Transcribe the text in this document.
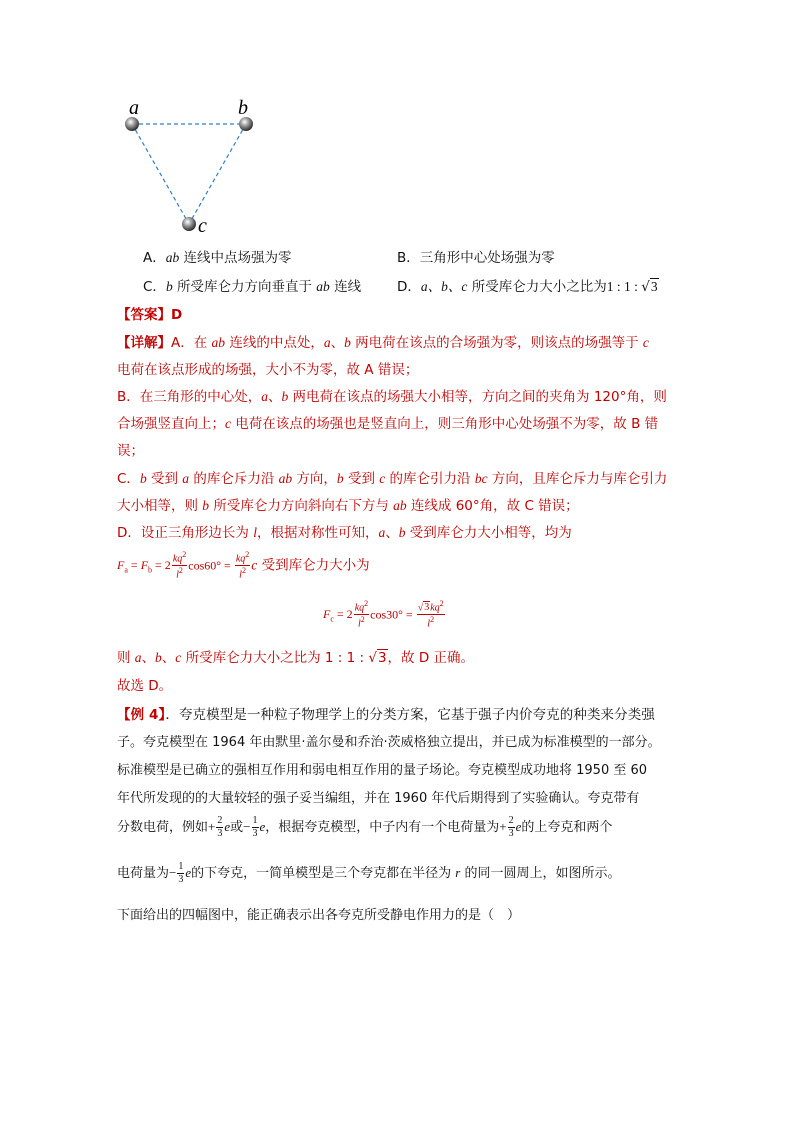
a	b
c
A．ab 连线中点场强为零	B．三角形中心处场强为零
C．b 所受库仑力方向垂直于 ab 连线	D．a、b、c 所受库仑力大小之比为1 : 1 : √3
【答案】D
【详解】A．在 ab 连线的中点处，a、b 两电荷在该点的合场强为零，则该点的场强等于 c
电荷在该点形成的场强，大小不为零，故 A 错误；
B．在三角形的中心处，a、b 两电荷在该点的场强大小相等，方向之间的夹角为 120°角，则
合场强竖直向上；c 电荷在该点的场强也是竖直向上，则三角形中心处场强不为零，故 B 错
误；
C．b 受到 a 的库仑斥力沿 ab 方向，b 受到 c 的库仑引力沿 bc 方向，且库仑斥力与库仑引力
大小相等，则 b 所受库仑力方向斜向右下方与 ab 连线成 60°角，故 C 错误；
D．设正三角形边长为 l，根据对称性可知，a、b 受到库仑力大小相等，均为
$F_a = F_b = 2 \frac{kq^2}{l^2} \cos 60^\circ = \frac{kq^2}{l^2}$ c 受到库仑力大小为
$F_c = 2 \frac{kq^2}{l^2} \cos 30^\circ = \frac{√3kq^2}{l^2}$
则 a、b、c 所受库仑力大小之比为 1 : 1 : √3，故 D 正确。
故选 D。
【例 4】．夸克模型是一种粒子物理学上的分类方案，它基于强子内价夸克的种类来分类强
子。夸克模型在 1964 年由默里·盖尔曼和乔治·茨威格独立提出，并已成为标准模型的一部分。
标准模型是已确立的强相互作用和弱电相互作用的量子场论。夸克模型成功地将 1950 至 60
年代所发现的的大量较轻的强子妥当编组，并在 1960 年代后期得到了实验确认。夸克带有
分数电荷，例如+ $\frac{2}{3}$ e或− $\frac{1}{3}$ e，根据夸克模型，中子内有一个电荷量为+ $\frac{2}{3}$ e的上夸克和两个
电荷量为− $\frac{1}{3}$ e的下夸克，一简单模型是三个夸克都在半径为 r 的同一圆周上，如图所示。
下面给出的四幅图中，能正确表示出各夸克所受静电作用力的是（　）
